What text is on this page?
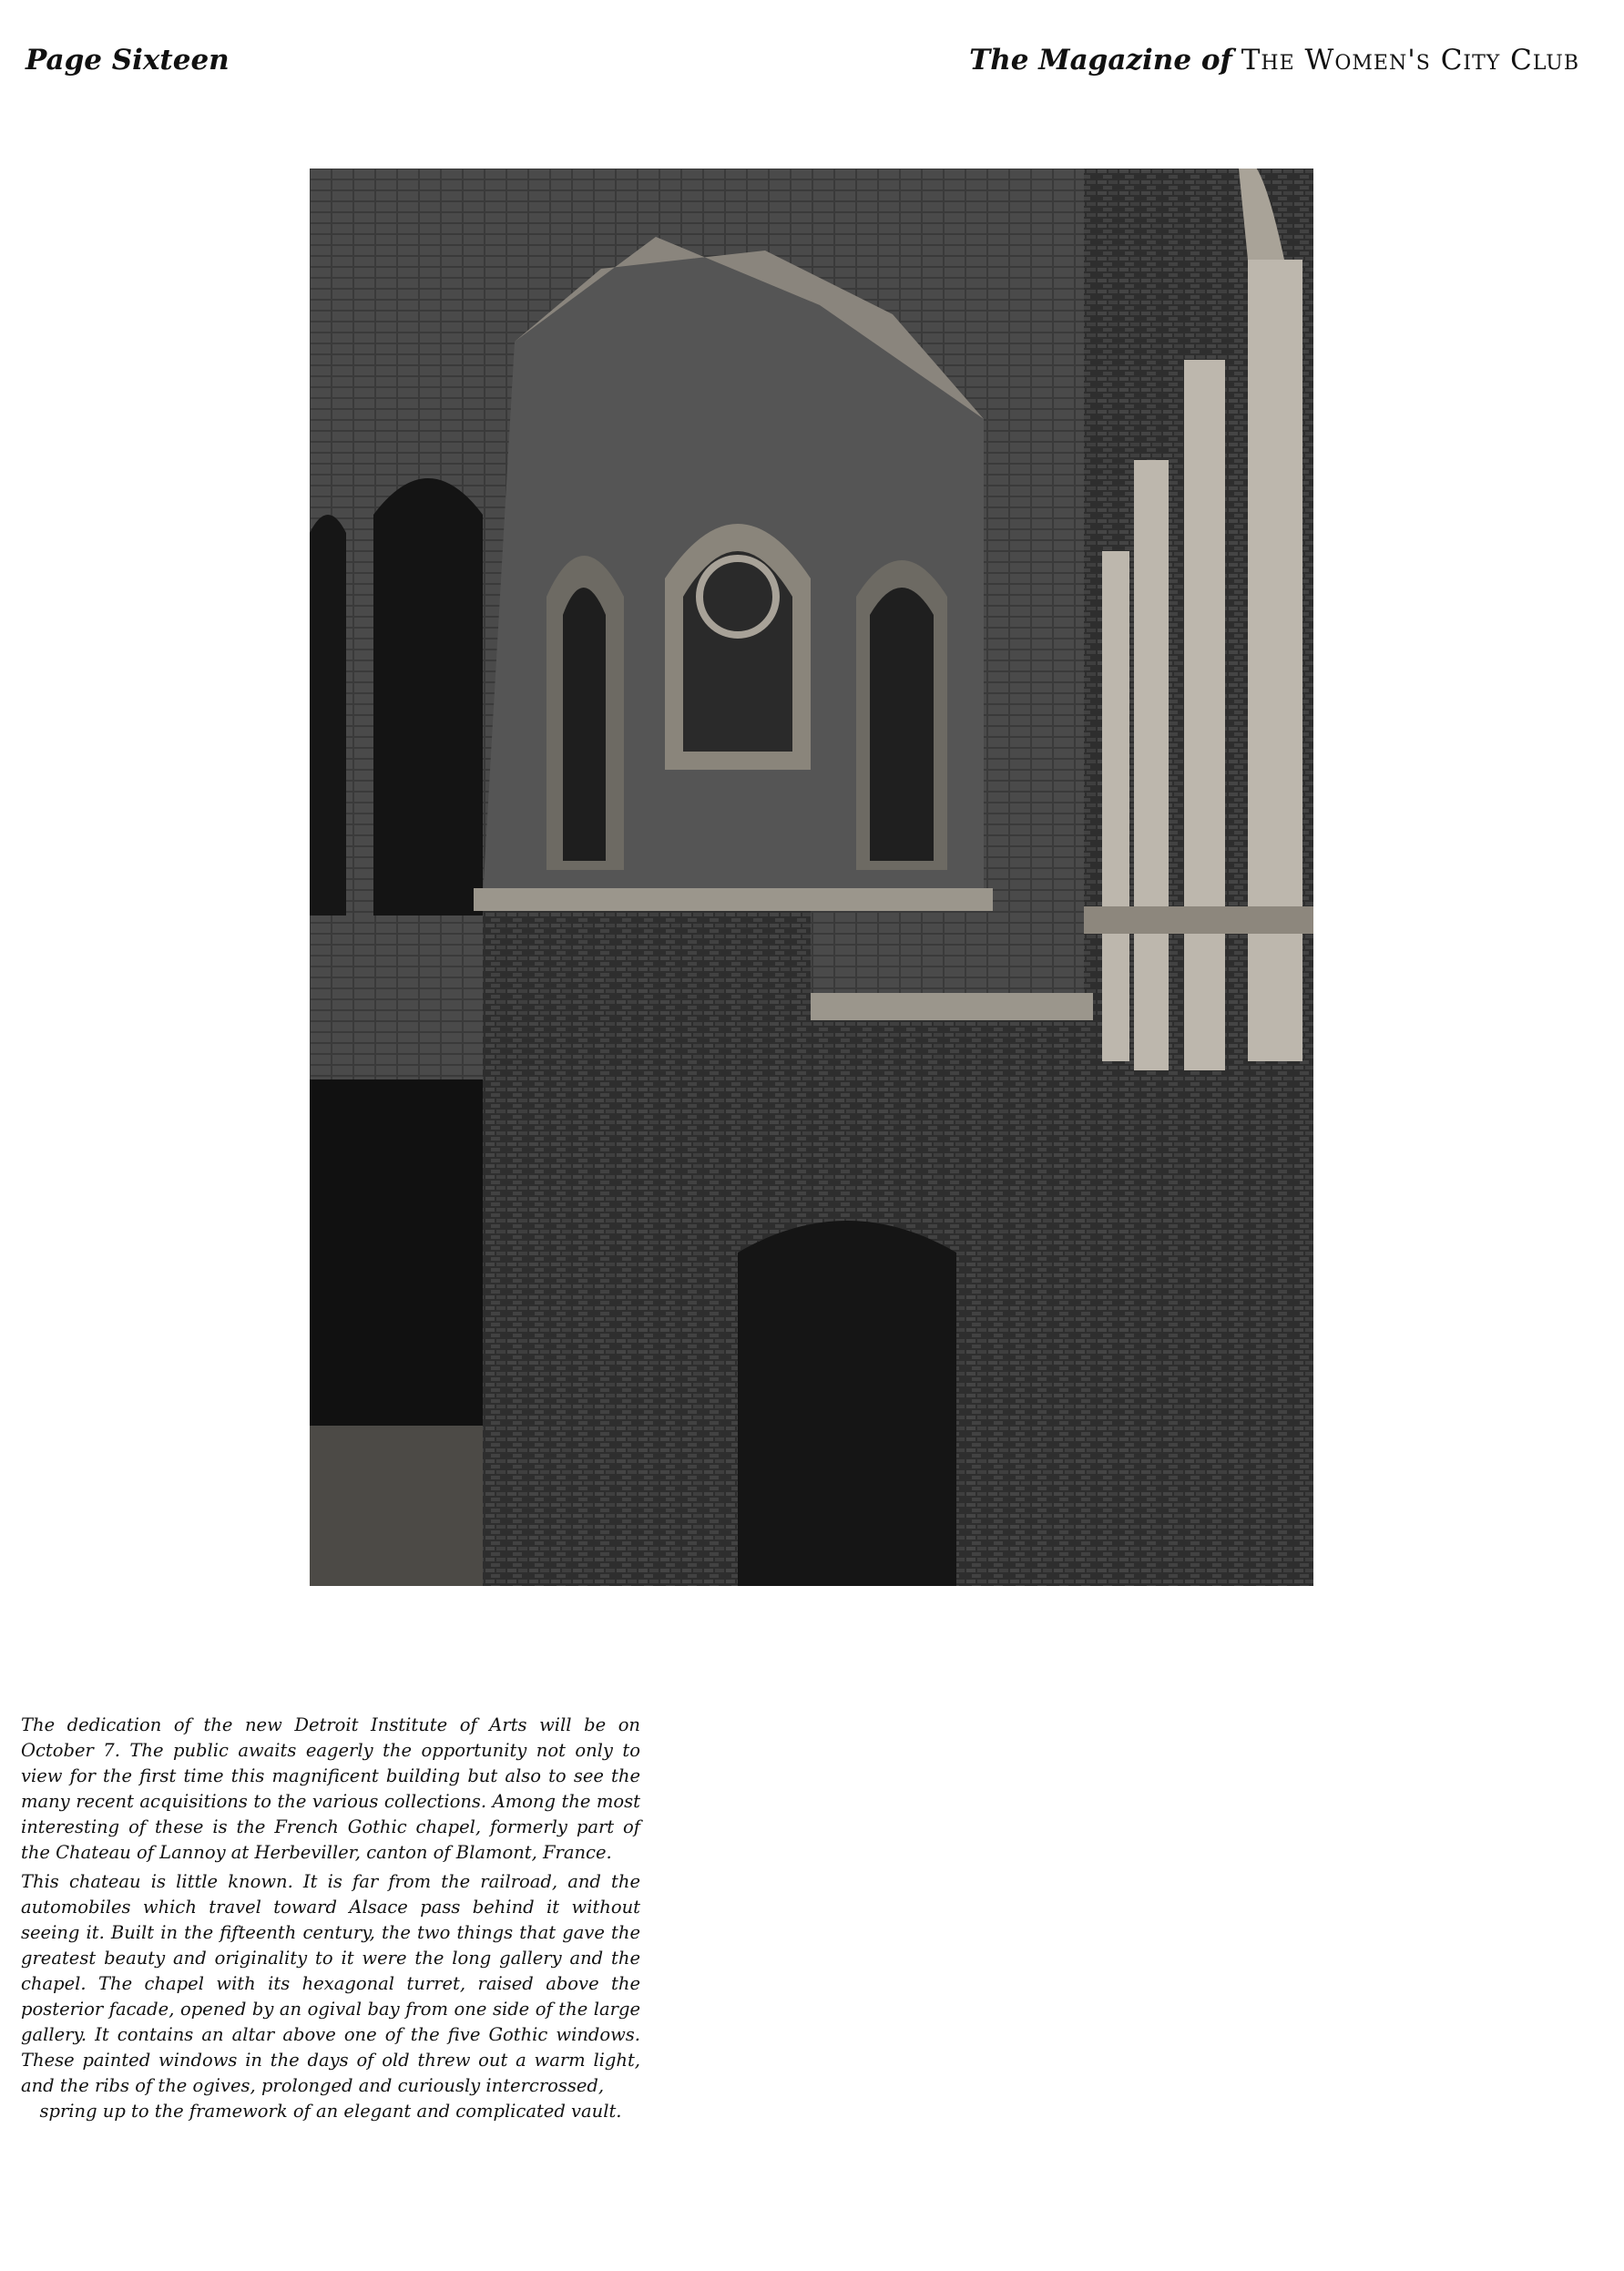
Page Sixteen	The Magazine of The Women's City Club

The dedication of the new Detroit Institute of Arts will be on October 7. The public awaits eagerly the opportunity not only to view for the first time this magnificent building but also to see the many recent acquisitions to the various collections. Among the most interesting of these is the French Gothic chapel, formerly part of the Chateau of Lannoy at Herbeviller, canton of Blamont, France.

This chateau is little known. It is far from the railroad, and the automobiles which travel toward Alsace pass behind it without seeing it. Built in the fifteenth century, the two things that gave the greatest beauty and originality to it were the long gallery and the chapel. The chapel with its hexagonal turret, raised above the posterior facade, opened by an ogival bay from one side of the large gallery. It contains an altar above one of the five Gothic windows. These painted windows in the days of old threw out a warm light, and the ribs of the ogives, prolonged and curiously intercrossed,
spring up to the framework of an elegant and complicated vault.
